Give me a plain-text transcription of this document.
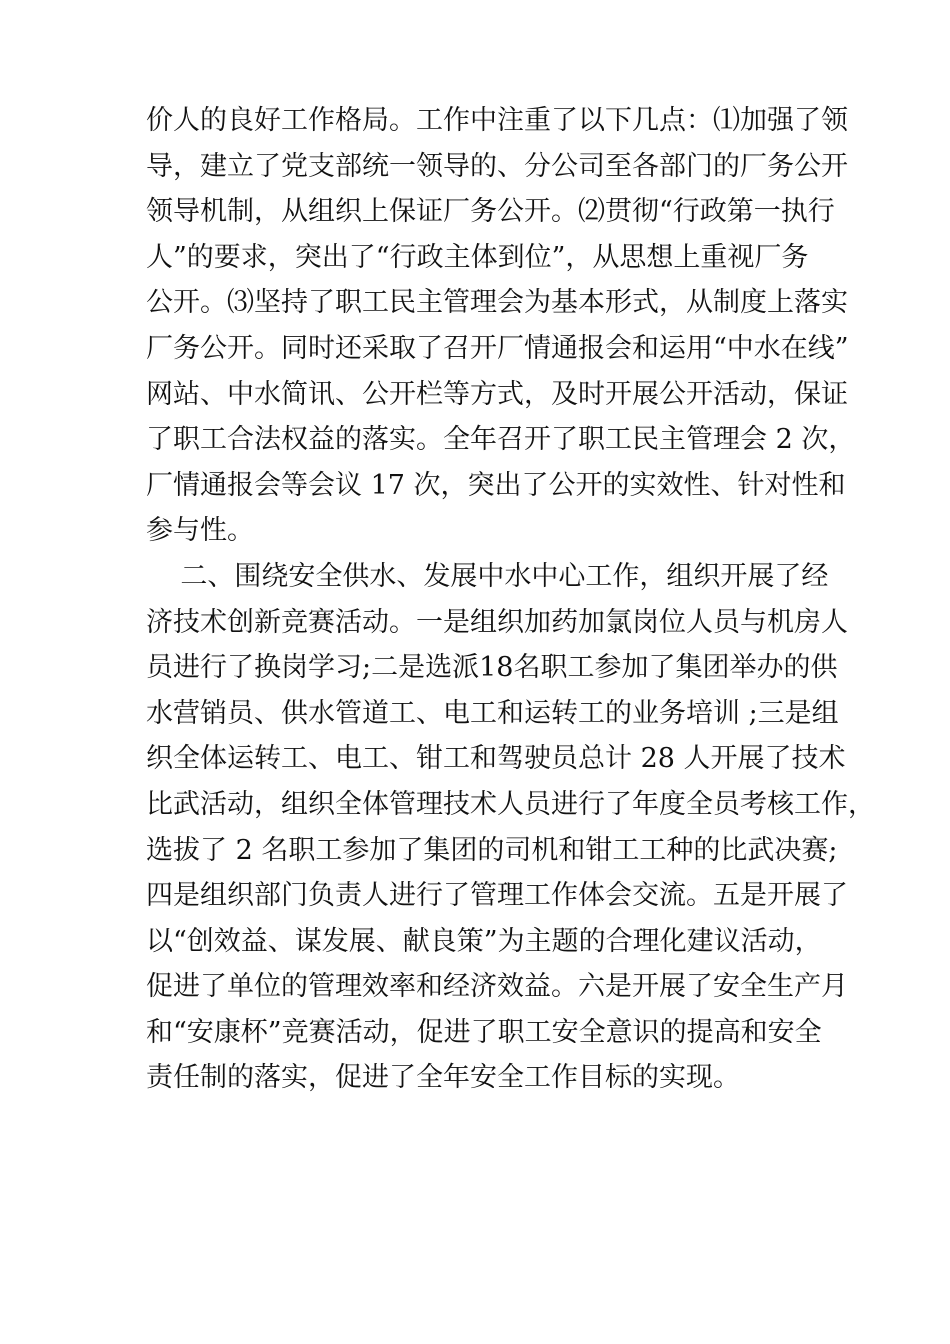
价人的良好工作格局。工作中注重了以下几点：⑴加强了领
导，建立了党支部统一领导的、分公司至各部门的厂务公开
领导机制，从组织上保证厂务公开。⑵贯彻“行政第一执行
人”的要求，突出了“行政主体到位”，从思想上重视厂务
公开。⑶坚持了职工民主管理会为基本形式，从制度上落实
厂务公开。同时还采取了召开厂情通报会和运用“中水在线”
网站、中水简讯、公开栏等方式，及时开展公开活动，保证
了职工合法权益的落实。全年召开了职工民主管理会 2 次，
厂情通报会等会议 17 次，突出了公开的实效性、针对性和
参与性。
二、围绕安全供水、发展中水中心工作，组织开展了经
济技术创新竞赛活动。一是组织加药加氯岗位人员与机房人
员进行了换岗学习;二是选派18名职工参加了集团举办的供
水营销员、供水管道工、电工和运转工的业务培训 ;三是组
织全体运转工、电工、钳工和驾驶员总计 28 人开展了技术
比武活动，组织全体管理技术人员进行了年度全员考核工作，
选拔了 2 名职工参加了集团的司机和钳工工种的比武决赛;
四是组织部门负责人进行了管理工作体会交流。五是开展了
以“创效益、谋发展、献良策”为主题的合理化建议活动，
促进了单位的管理效率和经济效益。六是开展了安全生产月
和“安康杯”竞赛活动，促进了职工安全意识的提高和安全
责任制的落实，促进了全年安全工作目标的实现。
